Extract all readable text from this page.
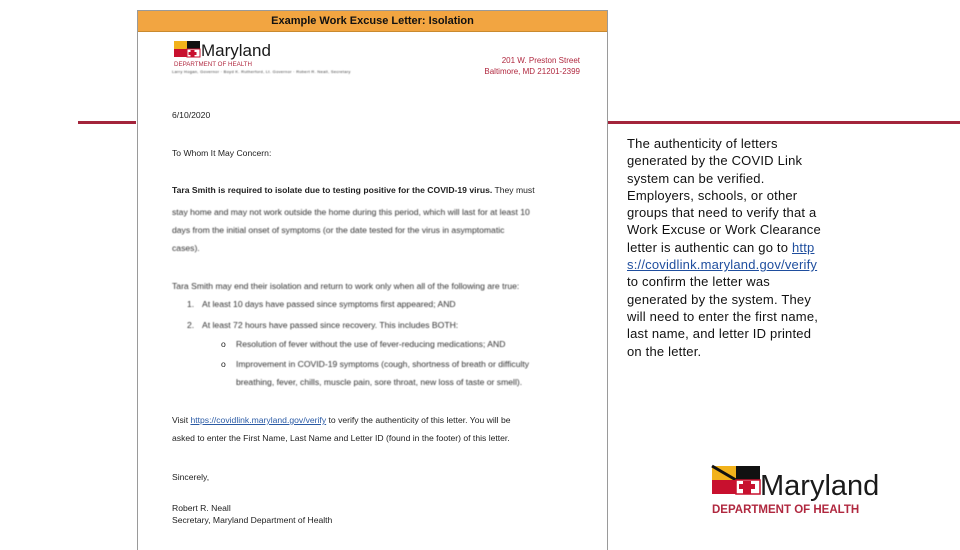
Example Work Excuse Letter: Isolation
Maryland
DEPARTMENT OF HEALTH
Larry Hogan, Governor · Boyd K. Rutherford, Lt. Governor · Robert R. Neall, Secretary
201 W. Preston Street
Baltimore, MD 21201-2399
6/10/2020
To Whom It May Concern:
Tara Smith is required to isolate due to testing positive for the COVID-19 virus. They must
stay home and may not work outside the home during this period, which will last for at least 10
days from the initial onset of symptoms (or the date tested for the virus in asymptomatic
cases).
Tara Smith may end their isolation and return to work only when all of the following are true:
1. At least 10 days have passed since symptoms first appeared; AND
2. At least 72 hours have passed since recovery. This includes BOTH:
o Resolution of fever without the use of fever-reducing medications; AND
o Improvement in COVID-19 symptoms (cough, shortness of breath or difficulty
breathing, fever, chills, muscle pain, sore throat, new loss of taste or smell).
Visit https://covidlink.maryland.gov/verify to verify the authenticity of this letter. You will be
asked to enter the First Name, Last Name and Letter ID (found in the footer) of this letter.
Sincerely,
Robert R. Neall
Secretary, Maryland Department of Health
The authenticity of letters generated by the COVID Link system can be verified. Employers, schools, or other groups that need to verify that a Work Excuse or Work Clearance letter is authentic can go to https://covidlink.maryland.gov/verify to confirm the letter was generated by the system. They will need to enter the first name, last name, and letter ID printed on the letter.
Maryland
DEPARTMENT OF HEALTH
